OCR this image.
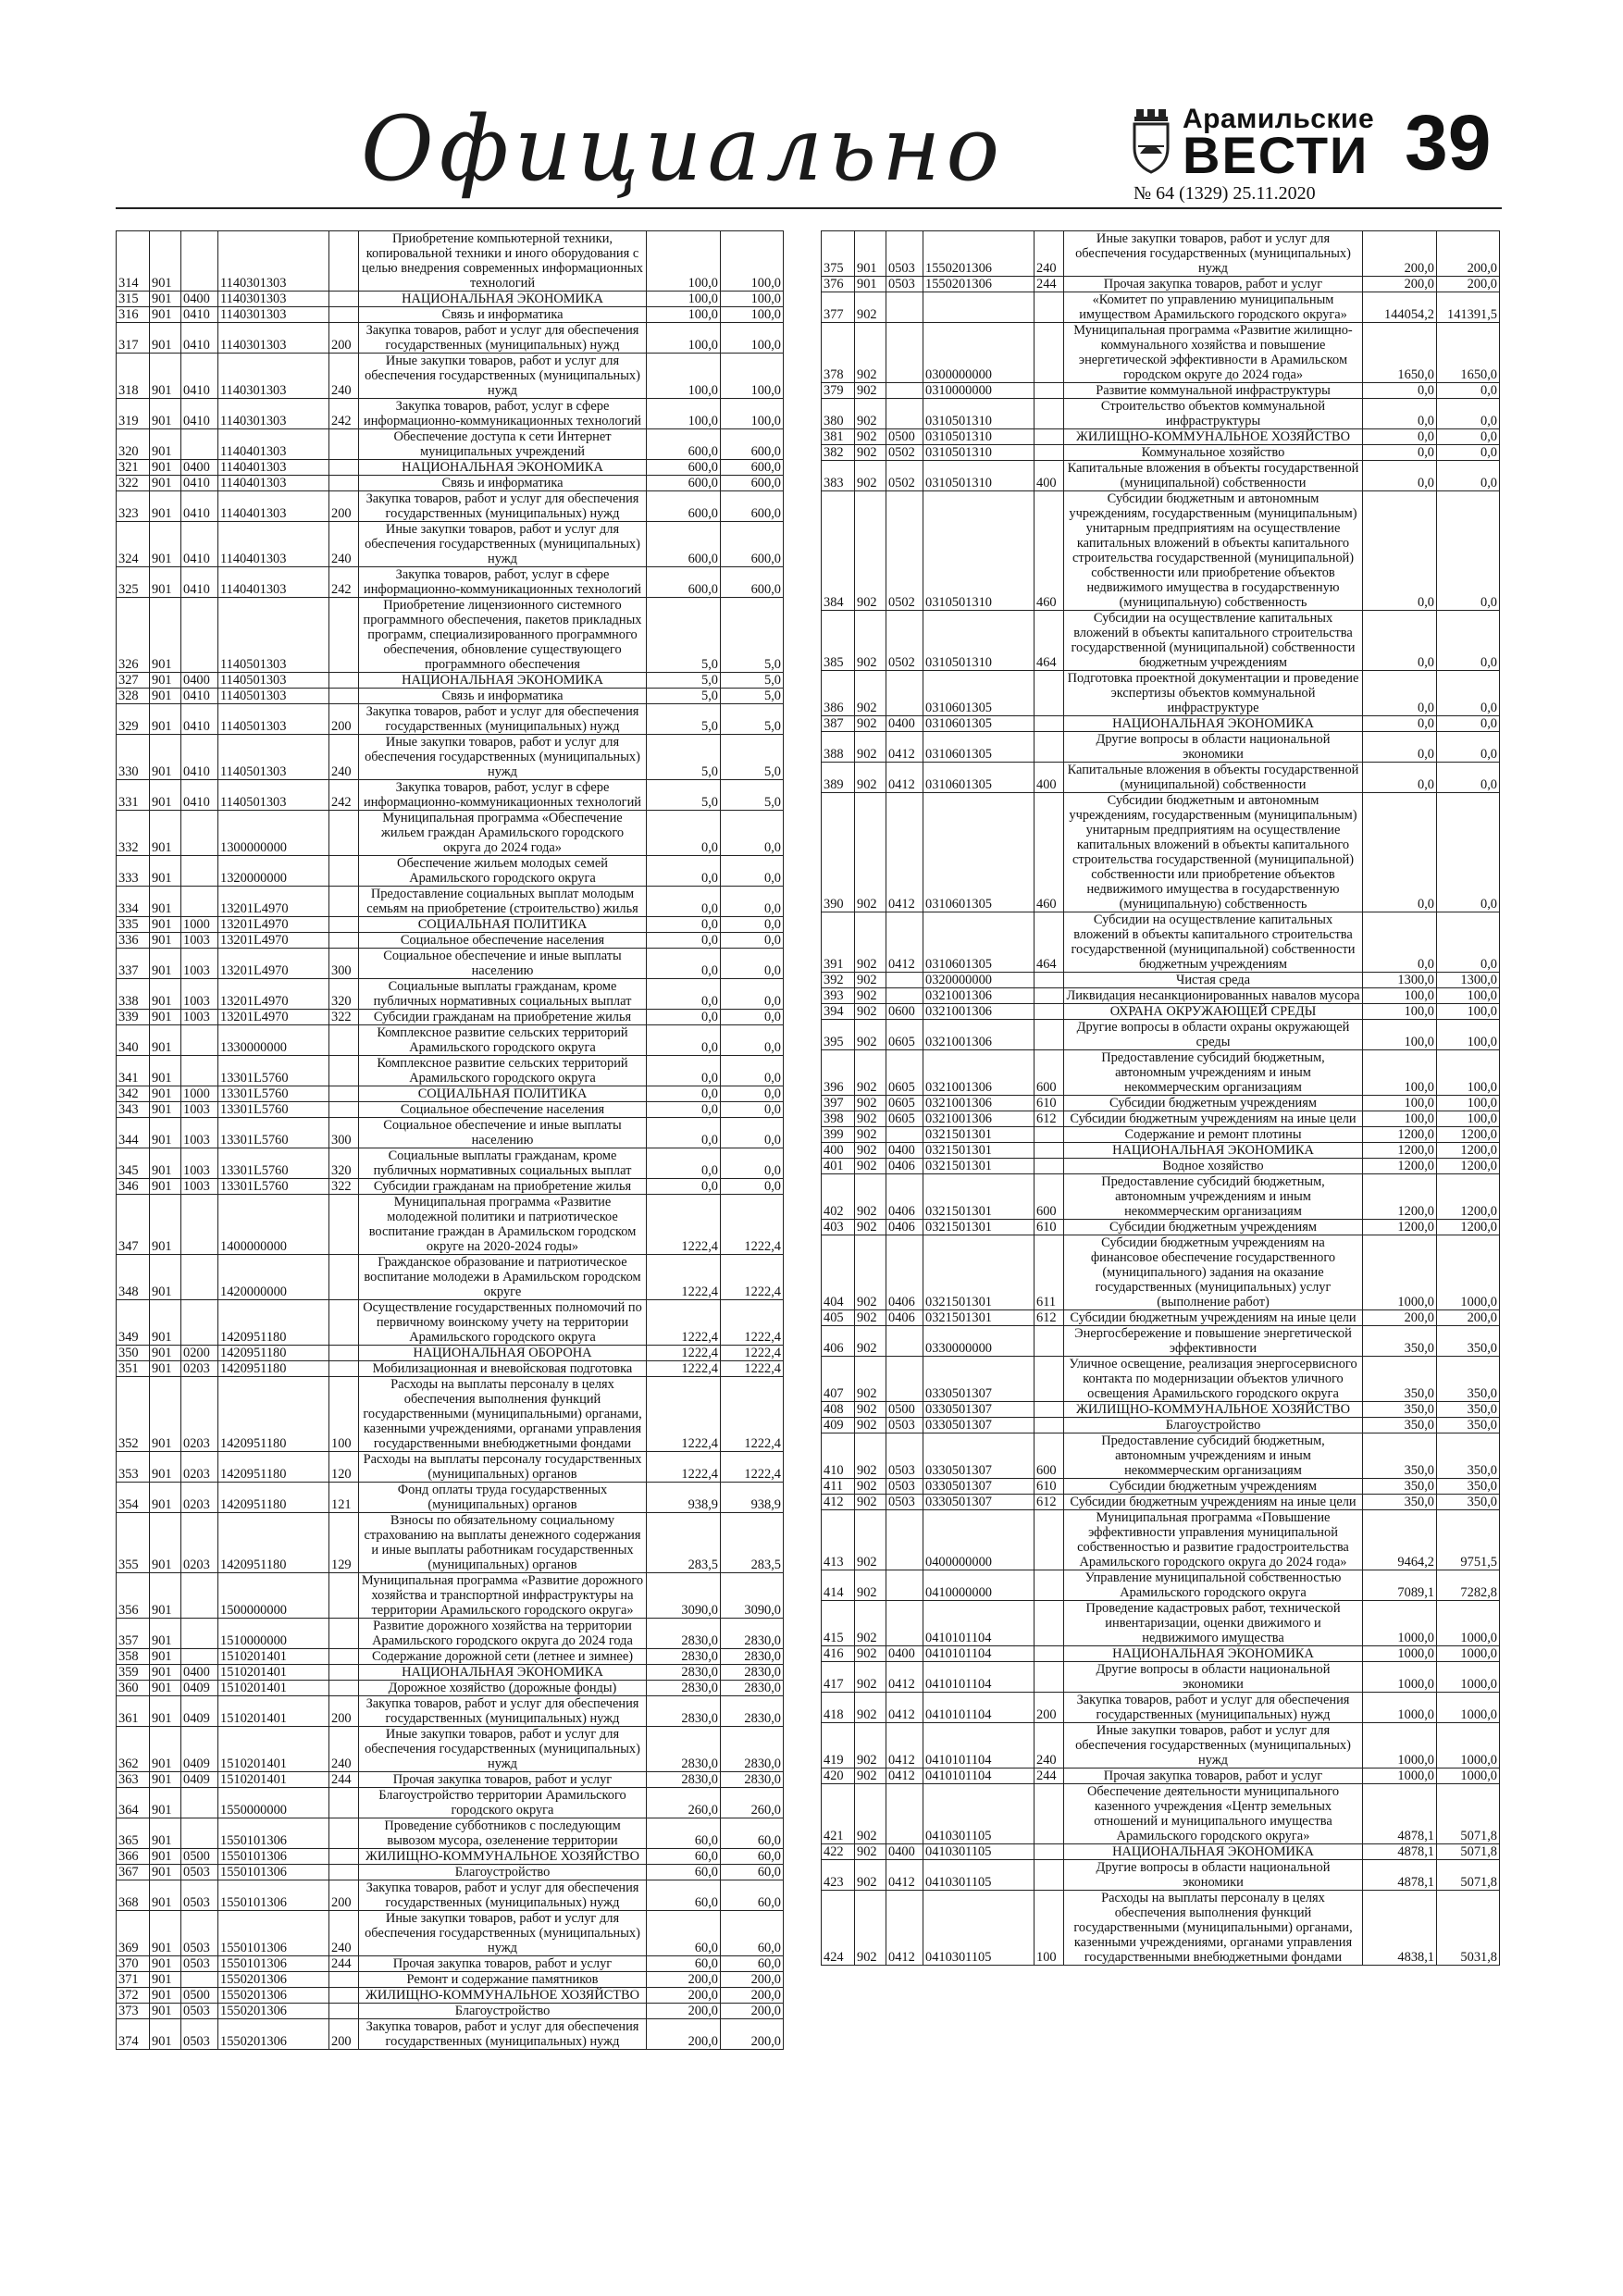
Официально	Арамильские
ВЕСТИ 39
№ 64 (1329) 25.11.2020
314	901		1140301303		Приобретение компьютерной техники, копировальной техники и иного оборудования с целью внедрения современных информационных технологий	100,0	100,0
315	901	0400	1140301303		НАЦИОНАЛЬНАЯ ЭКОНОМИКА	100,0	100,0
316	901	0410	1140301303		Связь и информатика	100,0	100,0
317	901	0410	1140301303	200	Закупка товаров, работ и услуг для обеспечения государственных (муниципальных) нужд	100,0	100,0
318	901	0410	1140301303	240	Иные закупки товаров, работ и услуг для обеспечения государственных (муниципальных) нужд	100,0	100,0
319	901	0410	1140301303	242	Закупка товаров, работ, услуг в сфере информационно-коммуникационных технологий	100,0	100,0
320	901		1140401303		Обеспечение доступа к сети Интернет муниципальных учреждений	600,0	600,0
321	901	0400	1140401303		НАЦИОНАЛЬНАЯ ЭКОНОМИКА	600,0	600,0
322	901	0410	1140401303		Связь и информатика	600,0	600,0
323	901	0410	1140401303	200	Закупка товаров, работ и услуг для обеспечения государственных (муниципальных) нужд	600,0	600,0
324	901	0410	1140401303	240	Иные закупки товаров, работ и услуг для обеспечения государственных (муниципальных) нужд	600,0	600,0
325	901	0410	1140401303	242	Закупка товаров, работ, услуг в сфере информационно-коммуникационных технологий	600,0	600,0
326	901		1140501303		Приобретение лицензионного системного программного обеспечения, пакетов прикладных программ, специализированного программного обеспечения, обновление существующего программного обеспечения	5,0	5,0
327	901	0400	1140501303		НАЦИОНАЛЬНАЯ ЭКОНОМИКА	5,0	5,0
328	901	0410	1140501303		Связь и информатика	5,0	5,0
329	901	0410	1140501303	200	Закупка товаров, работ и услуг для обеспечения государственных (муниципальных) нужд	5,0	5,0
330	901	0410	1140501303	240	Иные закупки товаров, работ и услуг для обеспечения государственных (муниципальных) нужд	5,0	5,0
331	901	0410	1140501303	242	Закупка товаров, работ, услуг в сфере информационно-коммуникационных технологий	5,0	5,0
332	901		1300000000		Муниципальная программа «Обеспечение жильем граждан Арамильского городского округа до 2024 года»	0,0	0,0
333	901		1320000000		Обеспечение жильем молодых семей Арамильского городского округа	0,0	0,0
334	901		13201L4970		Предоставление социальных выплат молодым семьям на приобретение (строительство) жилья	0,0	0,0
335	901	1000	13201L4970		СОЦИАЛЬНАЯ ПОЛИТИКА	0,0	0,0
336	901	1003	13201L4970		Социальное обеспечение населения	0,0	0,0
337	901	1003	13201L4970	300	Социальное обеспечение и иные выплаты населению	0,0	0,0
338	901	1003	13201L4970	320	Социальные выплаты гражданам, кроме публичных нормативных социальных выплат	0,0	0,0
339	901	1003	13201L4970	322	Субсидии гражданам на приобретение жилья	0,0	0,0
340	901		1330000000		Комплексное развитие сельских территорий Арамильского городского округа	0,0	0,0
341	901		13301L5760		Комплексное развитие сельских территорий Арамильского городского округа	0,0	0,0
342	901	1000	13301L5760		СОЦИАЛЬНАЯ ПОЛИТИКА	0,0	0,0
343	901	1003	13301L5760		Социальное обеспечение населения	0,0	0,0
344	901	1003	13301L5760	300	Социальное обеспечение и иные выплаты населению	0,0	0,0
345	901	1003	13301L5760	320	Социальные выплаты гражданам, кроме публичных нормативных социальных выплат	0,0	0,0
346	901	1003	13301L5760	322	Субсидии гражданам на приобретение жилья	0,0	0,0
347	901		1400000000		Муниципальная программа «Развитие молодежной политики и патриотическое воспитание граждан в Арамильском городском округе на 2020-2024 годы»	1222,4	1222,4
348	901		1420000000		Гражданское образование и патриотическое воспитание молодежи в Арамильском городском округе	1222,4	1222,4
349	901		1420951180		Осуществление государственных полномочий по первичному воинскому учету на территории Арамильского городского округа	1222,4	1222,4
350	901	0200	1420951180		НАЦИОНАЛЬНАЯ ОБОРОНА	1222,4	1222,4
351	901	0203	1420951180		Мобилизационная и вневойсковая подготовка	1222,4	1222,4
352	901	0203	1420951180	100	Расходы на выплаты персоналу в целях обеспечения выполнения функций государственными (муниципальными) органами, казенными учреждениями, органами управления государственными внебюджетными фондами	1222,4	1222,4
353	901	0203	1420951180	120	Расходы на выплаты персоналу государственных (муниципальных) органов	1222,4	1222,4
354	901	0203	1420951180	121	Фонд оплаты труда государственных (муниципальных) органов	938,9	938,9
355	901	0203	1420951180	129	Взносы по обязательному социальному страхованию на выплаты денежного содержания и иные выплаты работникам государственных (муниципальных) органов	283,5	283,5
356	901		1500000000		Муниципальная программа «Развитие дорожного хозяйства и транспортной инфраструктуры на территории Арамильского городского округа»	3090,0	3090,0
357	901		1510000000		Развитие дорожного хозяйства на территории Арамильского городского округа до 2024 года	2830,0	2830,0
358	901		1510201401		Содержание дорожной сети (летнее и зимнее)	2830,0	2830,0
359	901	0400	1510201401		НАЦИОНАЛЬНАЯ ЭКОНОМИКА	2830,0	2830,0
360	901	0409	1510201401		Дорожное хозяйство (дорожные фонды)	2830,0	2830,0
361	901	0409	1510201401	200	Закупка товаров, работ и услуг для обеспечения государственных (муниципальных) нужд	2830,0	2830,0
362	901	0409	1510201401	240	Иные закупки товаров, работ и услуг для обеспечения государственных (муниципальных) нужд	2830,0	2830,0
363	901	0409	1510201401	244	Прочая закупка товаров, работ и услуг	2830,0	2830,0
364	901		1550000000		Благоустройство территории Арамильского городского округа	260,0	260,0
365	901		1550101306		Проведение субботников с последующим вывозом мусора, озеленение территории	60,0	60,0
366	901	0500	1550101306		ЖИЛИЩНО-КОММУНАЛЬНОЕ ХОЗЯЙСТВО	60,0	60,0
367	901	0503	1550101306		Благоустройство	60,0	60,0
368	901	0503	1550101306	200	Закупка товаров, работ и услуг для обеспечения государственных (муниципальных) нужд	60,0	60,0
369	901	0503	1550101306	240	Иные закупки товаров, работ и услуг для обеспечения государственных (муниципальных) нужд	60,0	60,0
370	901	0503	1550101306	244	Прочая закупка товаров, работ и услуг	60,0	60,0
371	901		1550201306		Ремонт и содержание памятников	200,0	200,0
372	901	0500	1550201306		ЖИЛИЩНО-КОММУНАЛЬНОЕ ХОЗЯЙСТВО	200,0	200,0
373	901	0503	1550201306		Благоустройство	200,0	200,0
374	901	0503	1550201306	200	Закупка товаров, работ и услуг для обеспечения государственных (муниципальных) нужд	200,0	200,0
375	901	0503	1550201306	240	Иные закупки товаров, работ и услуг для обеспечения государственных (муниципальных) нужд	200,0	200,0
376	901	0503	1550201306	244	Прочая закупка товаров, работ и услуг	200,0	200,0
377	902				«Комитет по управлению муниципальным имуществом Арамильского городского округа»	144054,2	141391,5
378	902		0300000000		Муниципальная программа «Развитие жилищно-коммунального хозяйства и повышение энергетической эффективности в Арамильском городском округе до 2024 года»	1650,0	1650,0
379	902		0310000000		Развитие коммунальной инфраструктуры	0,0	0,0
380	902		0310501310		Строительство объектов коммунальной инфраструктуры	0,0	0,0
381	902	0500	0310501310		ЖИЛИЩНО-КОММУНАЛЬНОЕ ХОЗЯЙСТВО	0,0	0,0
382	902	0502	0310501310		Коммунальное хозяйство	0,0	0,0
383	902	0502	0310501310	400	Капитальные вложения в объекты государственной (муниципальной) собственности	0,0	0,0
384	902	0502	0310501310	460	Субсидии бюджетным и автономным учреждениям, государственным (муниципальным) унитарным предприятиям на осуществление капитальных вложений в объекты капитального строительства государственной (муниципальной) собственности или приобретение объектов недвижимого имущества в государственную (муниципальную) собственность	0,0	0,0
385	902	0502	0310501310	464	Субсидии на осуществление капитальных вложений в объекты капитального строительства государственной (муниципальной) собственности бюджетным учреждениям	0,0	0,0
386	902		0310601305		Подготовка проектной документации и проведение экспертизы объектов коммунальной инфраструктуре	0,0	0,0
387	902	0400	0310601305		НАЦИОНАЛЬНАЯ ЭКОНОМИКА	0,0	0,0
388	902	0412	0310601305		Другие вопросы в области национальной экономики	0,0	0,0
389	902	0412	0310601305	400	Капитальные вложения в объекты государственной (муниципальной) собственности	0,0	0,0
390	902	0412	0310601305	460	Субсидии бюджетным и автономным учреждениям, государственным (муниципальным) унитарным предприятиям на осуществление капитальных вложений в объекты капитального строительства государственной (муниципальной) собственности или приобретение объектов недвижимого имущества в государственную (муниципальную) собственность	0,0	0,0
391	902	0412	0310601305	464	Субсидии на осуществление капитальных вложений в объекты капитального строительства государственной (муниципальной) собственности бюджетным учреждениям	0,0	0,0
392	902		0320000000		Чистая среда	1300,0	1300,0
393	902		0321001306		Ликвидация несанкционированных навалов мусора	100,0	100,0
394	902	0600	0321001306		ОХРАНА ОКРУЖАЮЩЕЙ СРЕДЫ	100,0	100,0
395	902	0605	0321001306		Другие вопросы в области охраны окружающей среды	100,0	100,0
396	902	0605	0321001306	600	Предоставление субсидий бюджетным, автономным учреждениям и иным некоммерческим организациям	100,0	100,0
397	902	0605	0321001306	610	Субсидии бюджетным учреждениям	100,0	100,0
398	902	0605	0321001306	612	Субсидии бюджетным учреждениям на иные цели	100,0	100,0
399	902		0321501301		Содержание и ремонт плотины	1200,0	1200,0
400	902	0400	0321501301		НАЦИОНАЛЬНАЯ ЭКОНОМИКА	1200,0	1200,0
401	902	0406	0321501301		Водное хозяйство	1200,0	1200,0
402	902	0406	0321501301	600	Предоставление субсидий бюджетным, автономным учреждениям и иным некоммерческим организациям	1200,0	1200,0
403	902	0406	0321501301	610	Субсидии бюджетным учреждениям	1200,0	1200,0
404	902	0406	0321501301	611	Субсидии бюджетным учреждениям на финансовое обеспечение государственного (муниципального) задания на оказание государственных (муниципальных) услуг (выполнение работ)	1000,0	1000,0
405	902	0406	0321501301	612	Субсидии бюджетным учреждениям на иные цели	200,0	200,0
406	902		0330000000		Энергосбережение и повышение энергетической эффективности	350,0	350,0
407	902		0330501307		Уличное освещение, реализация энергосервисного контакта по модернизации объектов уличного освещения Арамильского городского округа	350,0	350,0
408	902	0500	0330501307		ЖИЛИЩНО-КОММУНАЛЬНОЕ ХОЗЯЙСТВО	350,0	350,0
409	902	0503	0330501307		Благоустройство	350,0	350,0
410	902	0503	0330501307	600	Предоставление субсидий бюджетным, автономным учреждениям и иным некоммерческим организациям	350,0	350,0
411	902	0503	0330501307	610	Субсидии бюджетным учреждениям	350,0	350,0
412	902	0503	0330501307	612	Субсидии бюджетным учреждениям на иные цели	350,0	350,0
413	902		0400000000		Муниципальная программа «Повышение эффективности управления муниципальной собственностью и развитие градостроительства Арамильского городского округа до 2024 года»	9464,2	9751,5
414	902		0410000000		Управление муниципальной собственностью Арамильского городского округа	7089,1	7282,8
415	902		0410101104		Проведение кадастровых работ, технической инвентаризации, оценки движимого и недвижимого имущества	1000,0	1000,0
416	902	0400	0410101104		НАЦИОНАЛЬНАЯ ЭКОНОМИКА	1000,0	1000,0
417	902	0412	0410101104		Другие вопросы в области национальной экономики	1000,0	1000,0
418	902	0412	0410101104	200	Закупка товаров, работ и услуг для обеспечения государственных (муниципальных) нужд	1000,0	1000,0
419	902	0412	0410101104	240	Иные закупки товаров, работ и услуг для обеспечения государственных (муниципальных) нужд	1000,0	1000,0
420	902	0412	0410101104	244	Прочая закупка товаров, работ и услуг	1000,0	1000,0
421	902		0410301105		Обеспечение деятельности муниципального казенного учреждения «Центр земельных отношений и муниципального имущества Арамильского городского округа»	4878,1	5071,8
422	902	0400	0410301105		НАЦИОНАЛЬНАЯ ЭКОНОМИКА	4878,1	5071,8
423	902	0412	0410301105		Другие вопросы в области национальной экономики	4878,1	5071,8
424	902	0412	0410301105	100	Расходы на выплаты персоналу в целях обеспечения выполнения функций государственными (муниципальными) органами, казенными учреждениями, органами управления государственными внебюджетными фондами	4838,1	5031,8
